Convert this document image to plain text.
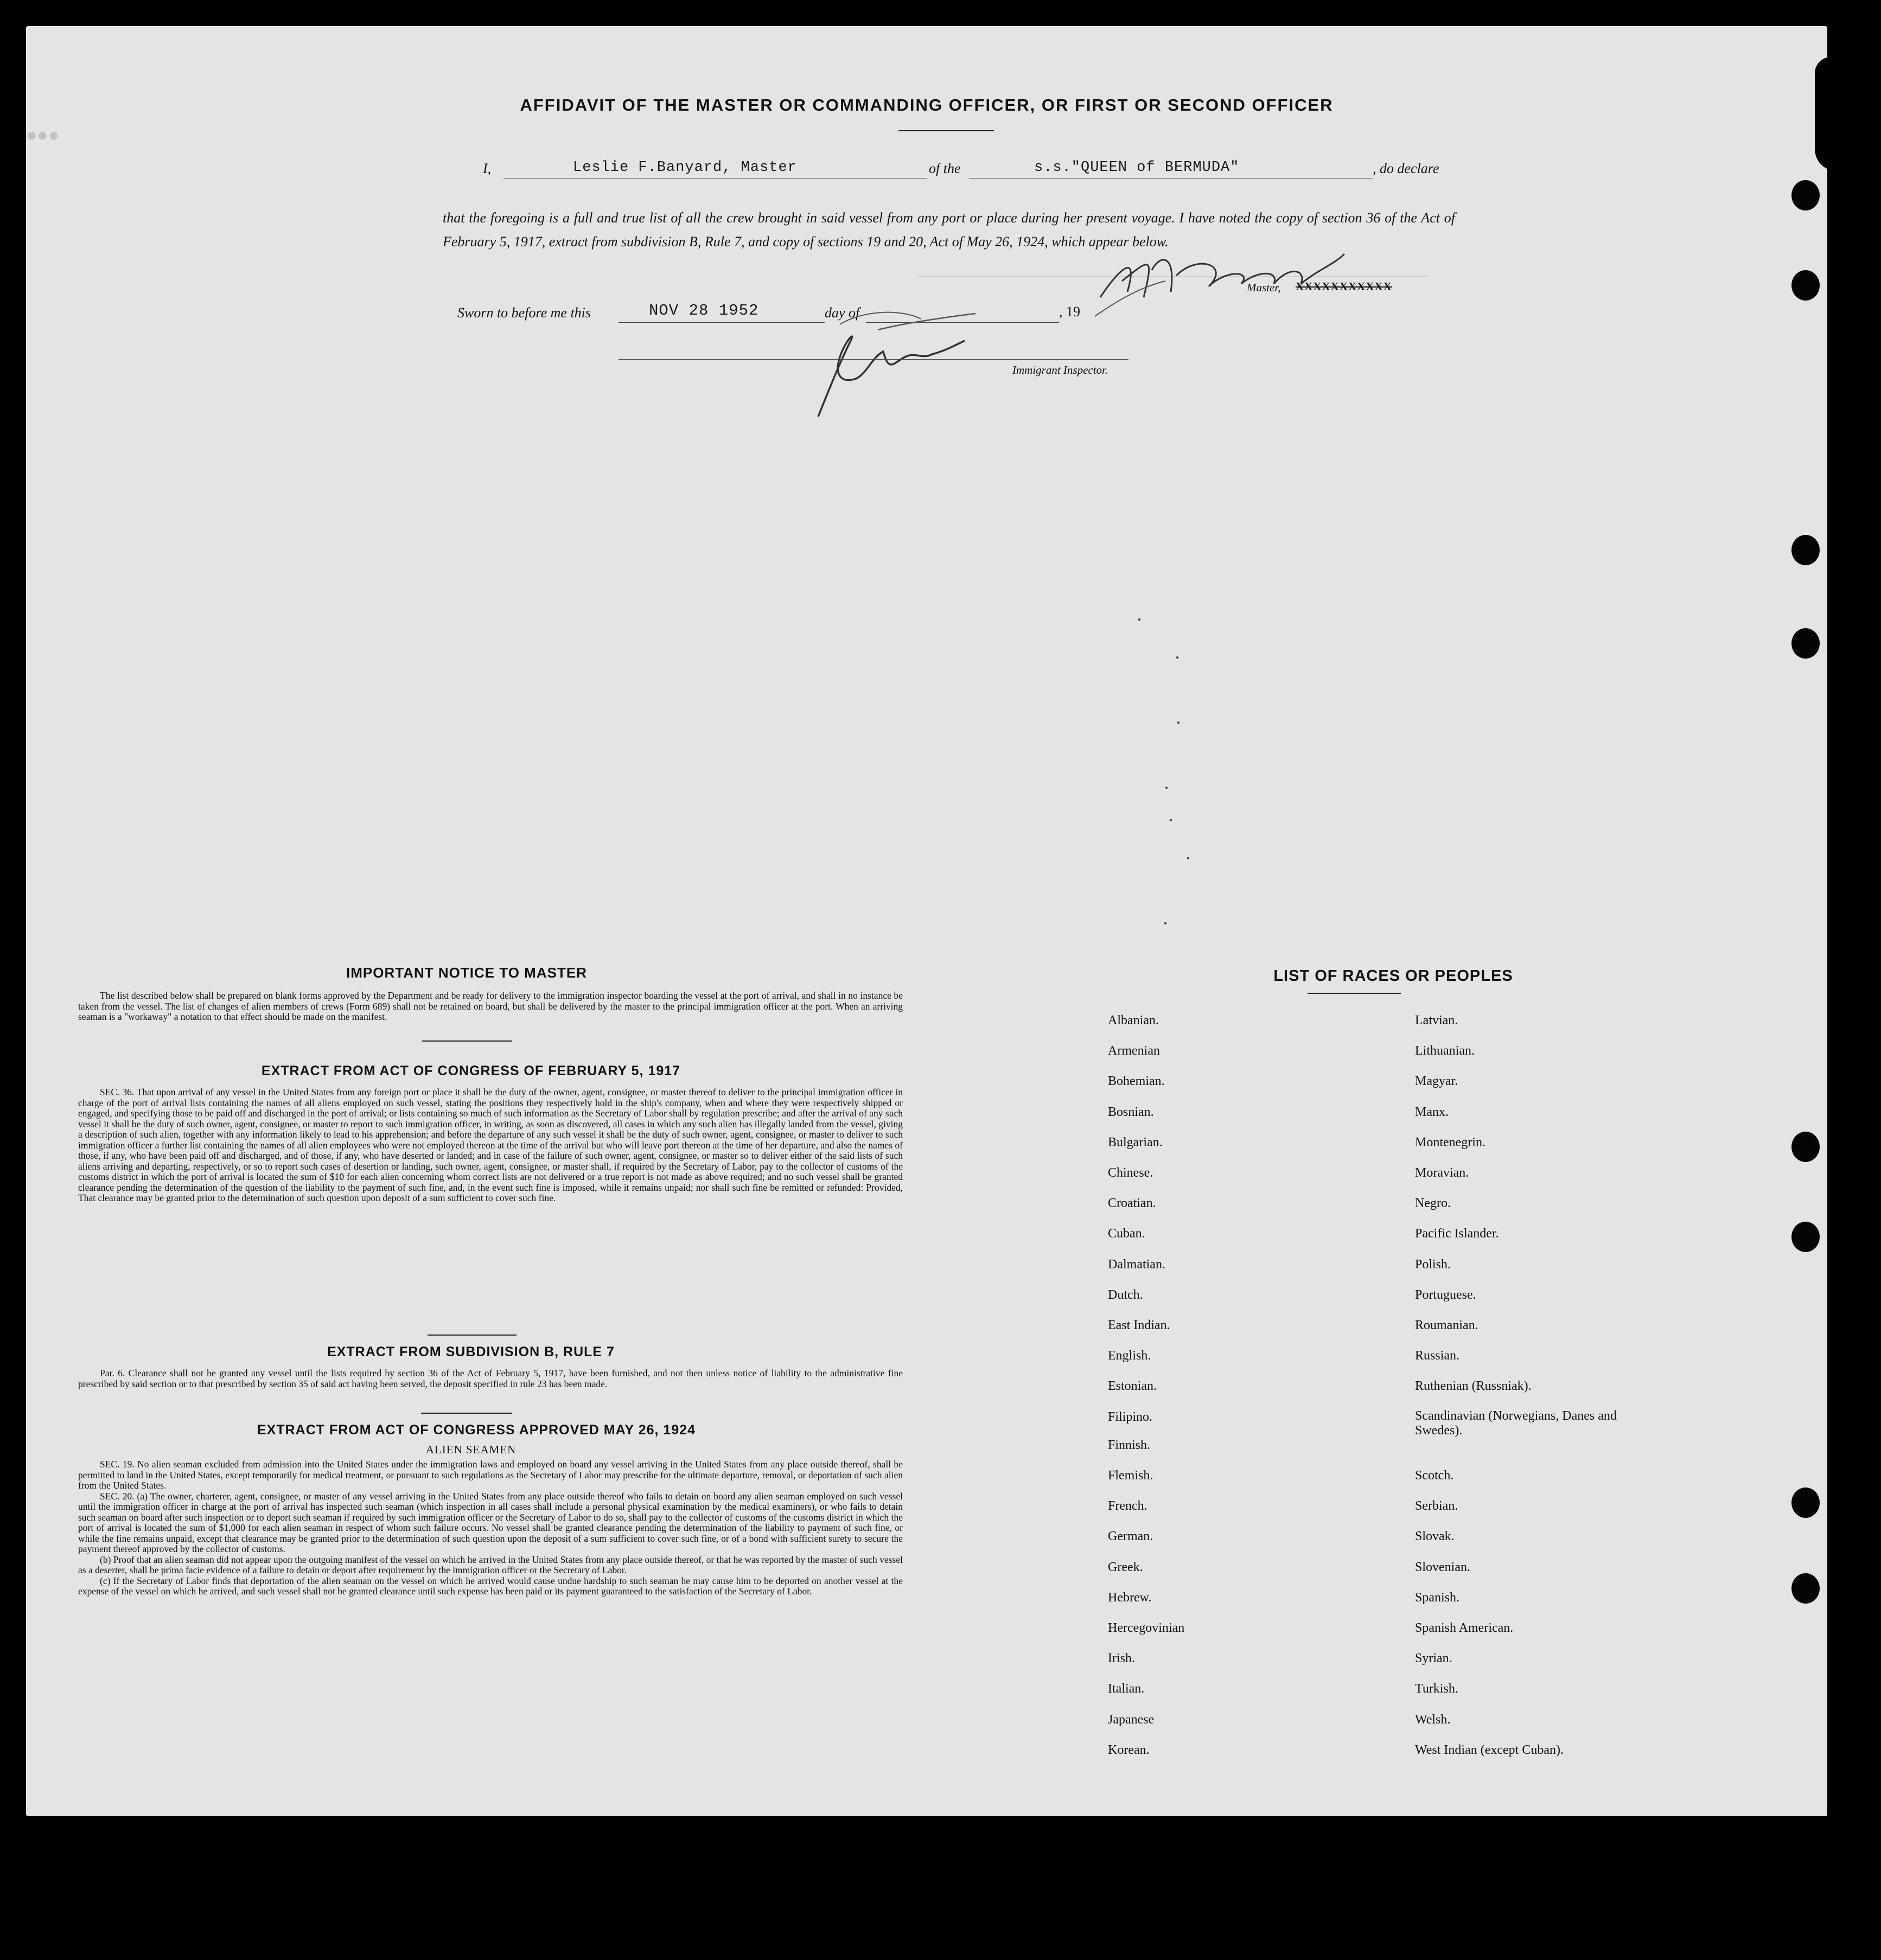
AFFIDAVIT OF THE MASTER OR COMMANDING OFFICER, OR FIRST OR SECOND OFFICER
I,	Leslie F.Banyard, Master	of the	s.s."QUEEN of BERMUDA"	, do declare
that the foregoing is a full and true list of all the crew brought in said vessel from any port or place during her present voyage. I have noted the copy of section 36 of the Act of February 5, 1917, extract from subdivision B, Rule 7, and copy of sections 19 and 20, Act of May 26, 1924, which appear below.
Master, XXXXXXXXXXX
Sworn to before me this	NOV 28 1952	day of	, 19
Immigrant Inspector.
●●●
IMPORTANT NOTICE TO MASTER
The list described below shall be prepared on blank forms approved by the Department and be ready for delivery to the immigration inspector boarding the vessel at the port of arrival, and shall in no instance be taken from the vessel. The list of changes of alien members of crews (Form 689) shall not be retained on board, but shall be delivered by the master to the principal immigration officer at the port. When an arriving seaman is a "workaway" a notation to that effect should be made on the manifest.
EXTRACT FROM ACT OF CONGRESS OF FEBRUARY 5, 1917
SEC. 36. That upon arrival of any vessel in the United States from any foreign port or place it shall be the duty of the owner, agent, consignee, or master thereof to deliver to the principal immigration officer in charge of the port of arrival lists containing the names of all aliens employed on such vessel, stating the positions they respectively hold in the ship's company, when and where they were respectively shipped or engaged, and specifying those to be paid off and discharged in the port of arrival; or lists containing so much of such information as the Secretary of Labor shall by regulation prescribe; and after the arrival of any such vessel it shall be the duty of such owner, agent, consignee, or master to report to such immigration officer, in writing, as soon as discovered, all cases in which any such alien has illegally landed from the vessel, giving a description of such alien, together with any information likely to lead to his apprehension; and before the departure of any such vessel it shall be the duty of such owner, agent, consignee, or master to deliver to such immigration officer a further list containing the names of all alien employees who were not employed thereon at the time of the arrival but who will leave port thereon at the time of her departure, and also the names of those, if any, who have been paid off and discharged, and of those, if any, who have deserted or landed; and in case of the failure of such owner, agent, consignee, or master so to deliver either of the said lists of such aliens arriving and departing, respectively, or so to report such cases of desertion or landing, such owner, agent, consignee, or master shall, if required by the Secretary of Labor, pay to the collector of customs of the customs district in which the port of arrival is located the sum of $10 for each alien concerning whom correct lists are not delivered or a true report is not made as above required; and no such vessel shall be granted clearance pending the determination of the question of the liability to the payment of such fine, and, in the event such fine is imposed, while it remains unpaid; nor shall such fine be remitted or refunded: Provided, That clearance may be granted prior to the determination of such question upon deposit of a sum sufficient to cover such fine.
EXTRACT FROM SUBDIVISION B, RULE 7
Par. 6. Clearance shall not be granted any vessel until the lists required by section 36 of the Act of February 5, 1917, have been furnished, and not then unless notice of liability to the administrative fine prescribed by said section or to that prescribed by section 35 of said act having been served, the deposit specified in rule 23 has been made.
EXTRACT FROM ACT OF CONGRESS APPROVED MAY 26, 1924
ALIEN SEAMEN

SEC. 19. No alien seaman excluded from admission into the United States under the immigration laws and employed on board any vessel arriving in the United States from any place outside thereof, shall be permitted to land in the United States, except temporarily for medical treatment, or pursuant to such regulations as the Secretary of Labor may prescribe for the ultimate departure, removal, or deportation of such alien from the United States.

SEC. 20. (a) The owner, charterer, agent, consignee, or master of any vessel arriving in the United States from any place outside thereof who fails to detain on board any alien seaman employed on such vessel until the immigration officer in charge at the port of arrival has inspected such seaman (which inspection in all cases shall include a personal physical examination by the medical examiners), or who fails to detain such seaman on board after such inspection or to deport such seaman if required by such immigration officer or the Secretary of Labor to do so, shall pay to the collector of customs of the customs district in which the port of arrival is located the sum of $1,000 for each alien seaman in respect of whom such failure occurs. No vessel shall be granted clearance pending the determination of the liability to payment of such fine, or while the fine remains unpaid, except that clearance may be granted prior to the determination of such question upon the deposit of a sum sufficient to cover such fine, or of a bond with sufficient surety to secure the payment thereof approved by the collector of customs.

(b) Proof that an alien seaman did not appear upon the outgoing manifest of the vessel on which he arrived in the United States from any place outside thereof, or that he was reported by the master of such vessel as a deserter, shall be prima facie evidence of a failure to detain or deport after requirement by the immigration officer or the Secretary of Labor.

(c) If the Secretary of Labor finds that deportation of the alien seaman on the vessel on which he arrived would cause undue hardship to such seaman he may cause him to be deported on another vessel at the expense of the vessel on which he arrived, and such vessel shall not be granted clearance until such expense has been paid or its payment guaranteed to the satisfaction of the Secretary of Labor.

LIST OF RACES OR PEOPLES
Albanian.
Armenian
Bohemian.
Bosnian.
Bulgarian.
Chinese.
Croatian.
Cuban.
Dalmatian.
Dutch.
East Indian.
English.
Estonian.
Filipino.
Finnish.
Flemish.
French.
German.
Greek.
Hebrew.
Hercegovinian
Irish.
Italian.
Japanese
Korean.
Latvian.
Lithuanian.
Magyar.
Manx.
Montenegrin.
Moravian.
Negro.
Pacific Islander.
Polish.
Portuguese.
Roumanian.
Russian.
Ruthenian (Russniak).
Scandinavian (Norwegians, Danes and Swedes).
Scotch.
Serbian.
Slovak.
Slovenian.
Spanish.
Spanish American.
Syrian.
Turkish.
Welsh.
West Indian (except Cuban).
